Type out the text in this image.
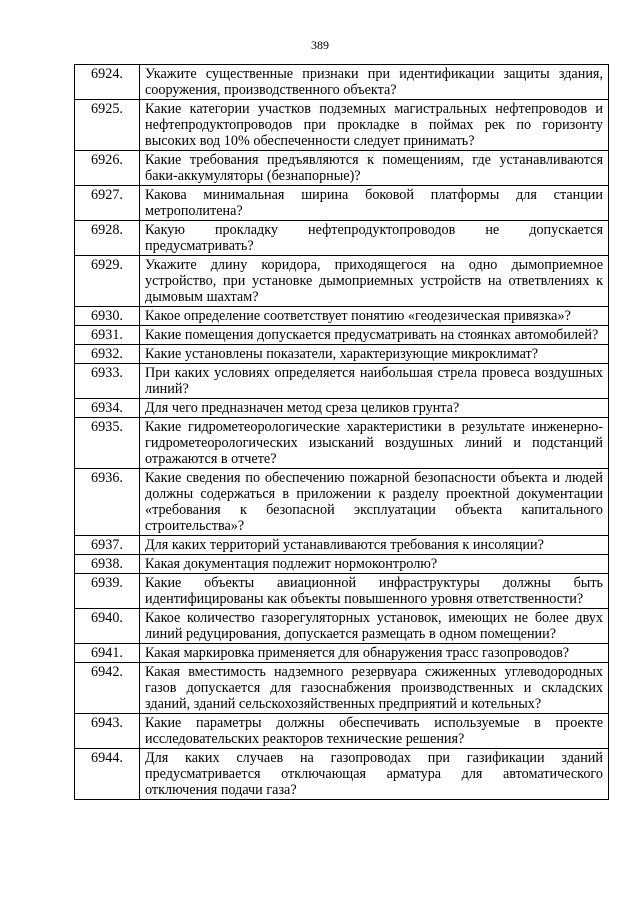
389
6924.	Укажите существенные признаки при идентификации защиты здания, сооружения, производственного объекта?
6925.	Какие категории участков подземных магистральных нефтепроводов и нефтепродуктопроводов при прокладке в поймах рек по горизонту высоких вод 10% обеспеченности следует принимать?
6926.	Какие требования предъявляются к помещениям, где устанавливаются баки-аккумуляторы (безнапорные)?
6927.	Какова минимальная ширина боковой платформы для станции метрополитена?
6928.	Какую прокладку нефтепродуктопроводов не допускается предусматривать?
6929.	Укажите длину коридора, приходящегося на одно дымоприемное устройство, при установке дымоприемных устройств на ответвлениях к дымовым шахтам?
6930.	Какое определение соответствует понятию «геодезическая привязка»?
6931.	Какие помещения допускается предусматривать на стоянках автомобилей?
6932.	Какие установлены показатели, характеризующие микроклимат?
6933.	При каких условиях определяется наибольшая стрела провеса воздушных линий?
6934.	Для чего предназначен метод среза целиков грунта?
6935.	Какие гидрометеорологические характеристики в результате инженерно-гидрометеорологических изысканий воздушных линий и подстанций отражаются в отчете?
6936.	Какие сведения по обеспечению пожарной безопасности объекта и людей должны содержаться в приложении к разделу проектной документации «требования к безопасной эксплуатации объекта капитального строительства»?
6937.	Для каких территорий устанавливаются требования к инсоляции?
6938.	Какая документация подлежит нормоконтролю?
6939.	Какие объекты авиационной инфраструктуры должны быть идентифицированы как объекты повышенного уровня ответственности?
6940.	Какое количество газорегуляторных установок, имеющих не более двух линий редуцирования, допускается размещать в одном помещении?
6941.	Какая маркировка применяется для обнаружения трасс газопроводов?
6942.	Какая вместимость надземного резервуара сжиженных углеводородных газов допускается для газоснабжения производственных и складских зданий, зданий сельскохозяйственных предприятий и котельных?
6943.	Какие параметры должны обеспечивать используемые в проекте исследовательских реакторов технические решения?
6944.	Для каких случаев на газопроводах при газификации зданий предусматривается отключающая арматура для автоматического отключения подачи газа?
